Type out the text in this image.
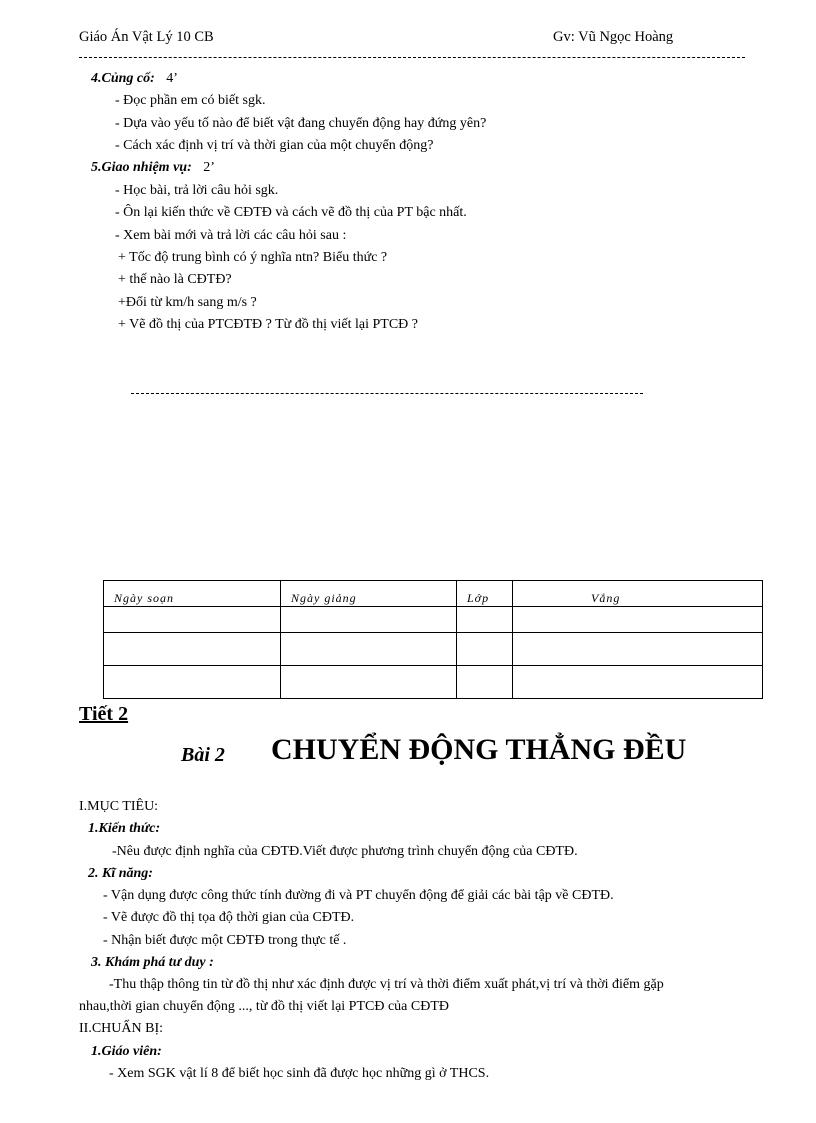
Giáo Án Vật Lý 10 CB	Gv: Vũ Ngọc Hoàng
4.Củng cố: 4’
- Đọc phần em có biết sgk.
- Dựa vào yếu tố nào để biết vật đang chuyển động hay đứng yên?
- Cách xác định vị trí và thời gian của một chuyển động?
5.Giao nhiệm vụ: 2’
- Học bài, trả lời câu hỏi sgk.
- Ôn lại kiến thức về CĐTĐ và cách vẽ đồ thị của PT bậc nhất.
- Xem bài mới và trả lời các câu hỏi sau :
+ Tốc độ trung bình có ý nghĩa ntn? Biểu thức ?
+ thế nào là CĐTĐ?
+Đổi từ km/h sang m/s ?
+ Vẽ đồ thị của PTCĐTĐ ? Từ đồ thị viết lại PTCĐ ?
Ngày soạn	Ngày giảng	Lớp	Vắng

Tiết 2
Bài 2 CHUYỂN ĐỘNG THẲNG ĐỀU
I.MỤC TIÊU:
1.Kiến thức:
-Nêu được định nghĩa của CĐTĐ.Viết được phương trình chuyển động của CĐTĐ.
2. Kĩ năng:
- Vận dụng được công thức tính đường đi và PT chuyển động để giải các bài tập về CĐTĐ.
- Vẽ được đồ thị tọa độ thời gian của CĐTĐ.
- Nhận biết được một CĐTĐ trong thực tế .
3. Khám phá tư duy :
-Thu thập thông tin từ đồ thị như xác định được vị trí và thời điểm xuất phát,vị trí và thời điểm gặp
nhau,thời gian chuyển động ..., từ đồ thị viết lại PTCĐ của CĐTĐ
II.CHUẨN BỊ:
1.Giáo viên:
- Xem SGK vật lí 8 để biết học sinh đã được học những gì ở THCS.
